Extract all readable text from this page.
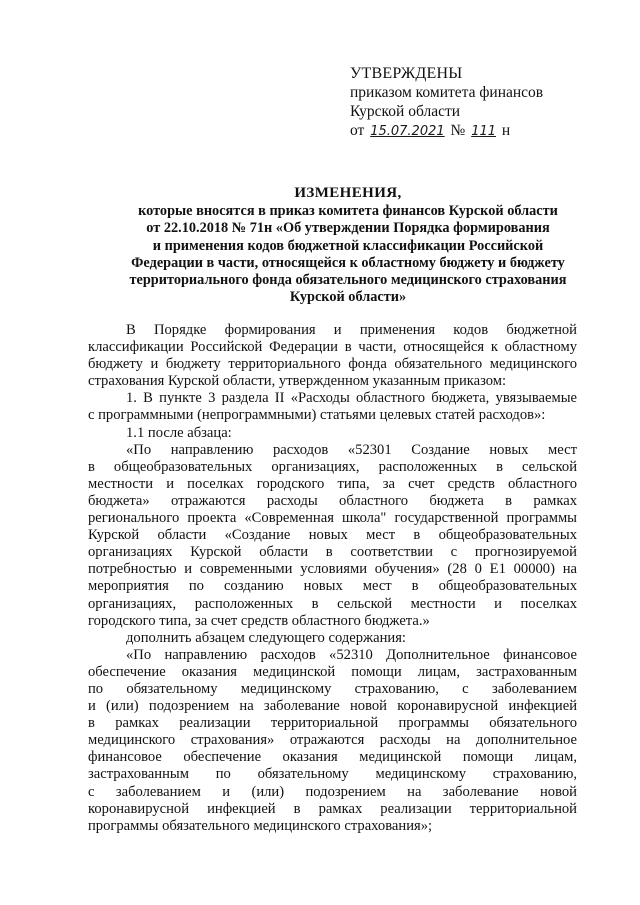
УТВЕРЖДЕНЫ
приказом комитета финансов
Курской области
от 15.07.2021 № 111 н
ИЗМЕНЕНИЯ,
которые вносятся в приказ комитета финансов Курской области
от 22.10.2018 № 71н «Об утверждении Порядка формирования
и применения кодов бюджетной классификации Российской
Федерации в части, относящейся к областному бюджету и бюджету
территориального фонда обязательного медицинского страхования
Курской области»

В Порядке формирования и применения кодов бюджетной

классификации Российской Федерации в части, относящейся к областному

бюджету и бюджету территориального фонда обязательного медицинского

страхования Курской области, утвержденном указанным приказом:

1. В пункте 3 раздела II «Расходы областного бюджета, увязываемые

с программными (непрограммными) статьями целевых статей расходов»:

1.1 после абзаца:

«По направлению расходов «52301 Создание новых мест

в общеобразовательных организациях, расположенных в сельской

местности и поселках городского типа, за счет средств областного

бюджета» отражаются расходы областного бюджета в рамках

регионального проекта «Современная школа" государственной программы

Курской области «Создание новых мест в общеобразовательных

организациях Курской области в соответствии с прогнозируемой

потребностью и современными условиями обучения» (28 0 Е1 00000) на

мероприятия по созданию новых мест в общеобразовательных

организациях, расположенных в сельской местности и поселках

городского типа, за счет средств областного бюджета.»

дополнить абзацем следующего содержания:

«По направлению расходов «52310 Дополнительное финансовое

обеспечение оказания медицинской помощи лицам, застрахованным

по обязательному медицинскому страхованию, с заболеванием

и (или) подозрением на заболевание новой коронавирусной инфекцией

в рамках реализации территориальной программы обязательного

медицинского страхования» отражаются расходы на дополнительное

финансовое обеспечение оказания медицинской помощи лицам,

застрахованным по обязательному медицинскому страхованию,

с заболеванием и (или) подозрением на заболевание новой

коронавирусной инфекцией в рамках реализации территориальной

программы обязательного медицинского страхования»;
